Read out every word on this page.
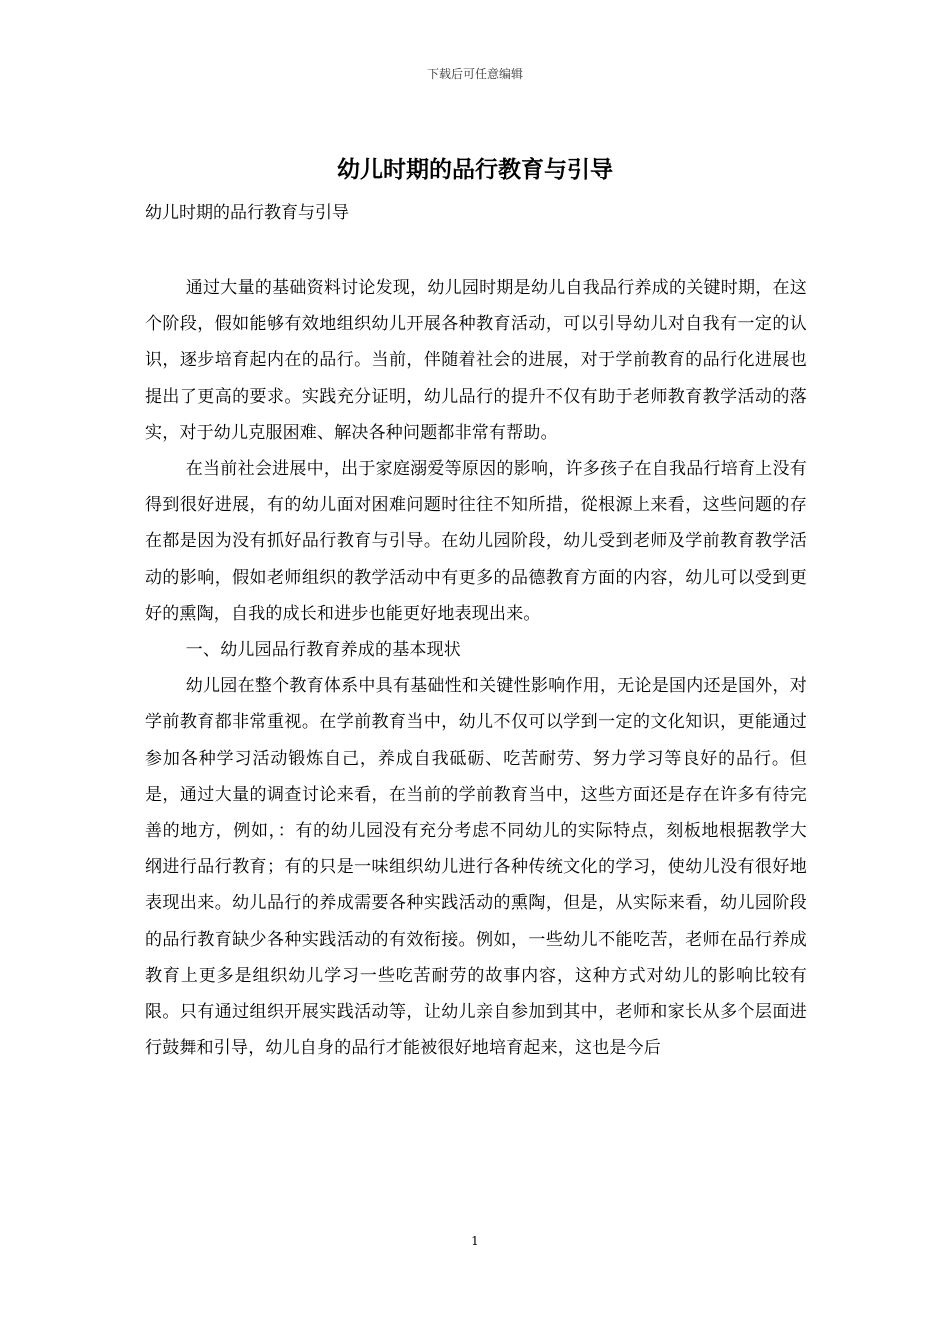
下载后可任意编辑
幼儿时期的品行教育与引导
幼儿时期的品行教育与引导

通过大量的基础资料讨论发现，幼儿园时期是幼儿自我品行养成的关键时期，在这个阶段，假如能够有效地组织幼儿开展各种教育活动，可以引导幼儿对自我有一定的认识，逐步培育起内在的品行。当前，伴随着社会的进展，对于学前教育的品行化进展也提出了更高的要求。实践充分证明，幼儿品行的提升不仅有助于老师教育教学活动的落实，对于幼儿克服困难、解决各种问题都非常有帮助。

在当前社会进展中，出于家庭溺爱等原因的影响，许多孩子在自我品行培育上没有得到很好进展，有的幼儿面对困难问题时往往不知所措，從根源上来看，这些问题的存在都是因为没有抓好品行教育与引导。在幼儿园阶段，幼儿受到老师及学前教育教学活动的影响，假如老师组织的教学活动中有更多的品德教育方面的内容，幼儿可以受到更好的熏陶，自我的成长和进步也能更好地表现出来。

一、幼儿园品行教育养成的基本现状

幼儿园在整个教育体系中具有基础性和关键性影响作用，无论是国内还是国外，对学前教育都非常重视。在学前教育当中，幼儿不仅可以学到一定的文化知识，更能通过参加各种学习活动锻炼自己，养成自我砥砺、吃苦耐劳、努力学习等良好的品行。但是，通过大量的调查讨论来看，在当前的学前教育当中，这些方面还是存在许多有待完善的地方，例如，：有的幼儿园没有充分考虑不同幼儿的实际特点，刻板地根据教学大纲进行品行教育；有的只是一味组织幼儿进行各种传统文化的学习，使幼儿没有很好地表现出来。幼儿品行的养成需要各种实践活动的熏陶，但是，从实际来看，幼儿园阶段的品行教育缺少各种实践活动的有效衔接。例如，一些幼儿不能吃苦，老师在品行养成教育上更多是组织幼儿学习一些吃苦耐劳的故事内容，这种方式对幼儿的影响比较有限。只有通过组织开展实践活动等，让幼儿亲自参加到其中，老师和家长从多个层面进行鼓舞和引导，幼儿自身的品行才能被很好地培育起来，这也是今后

1
